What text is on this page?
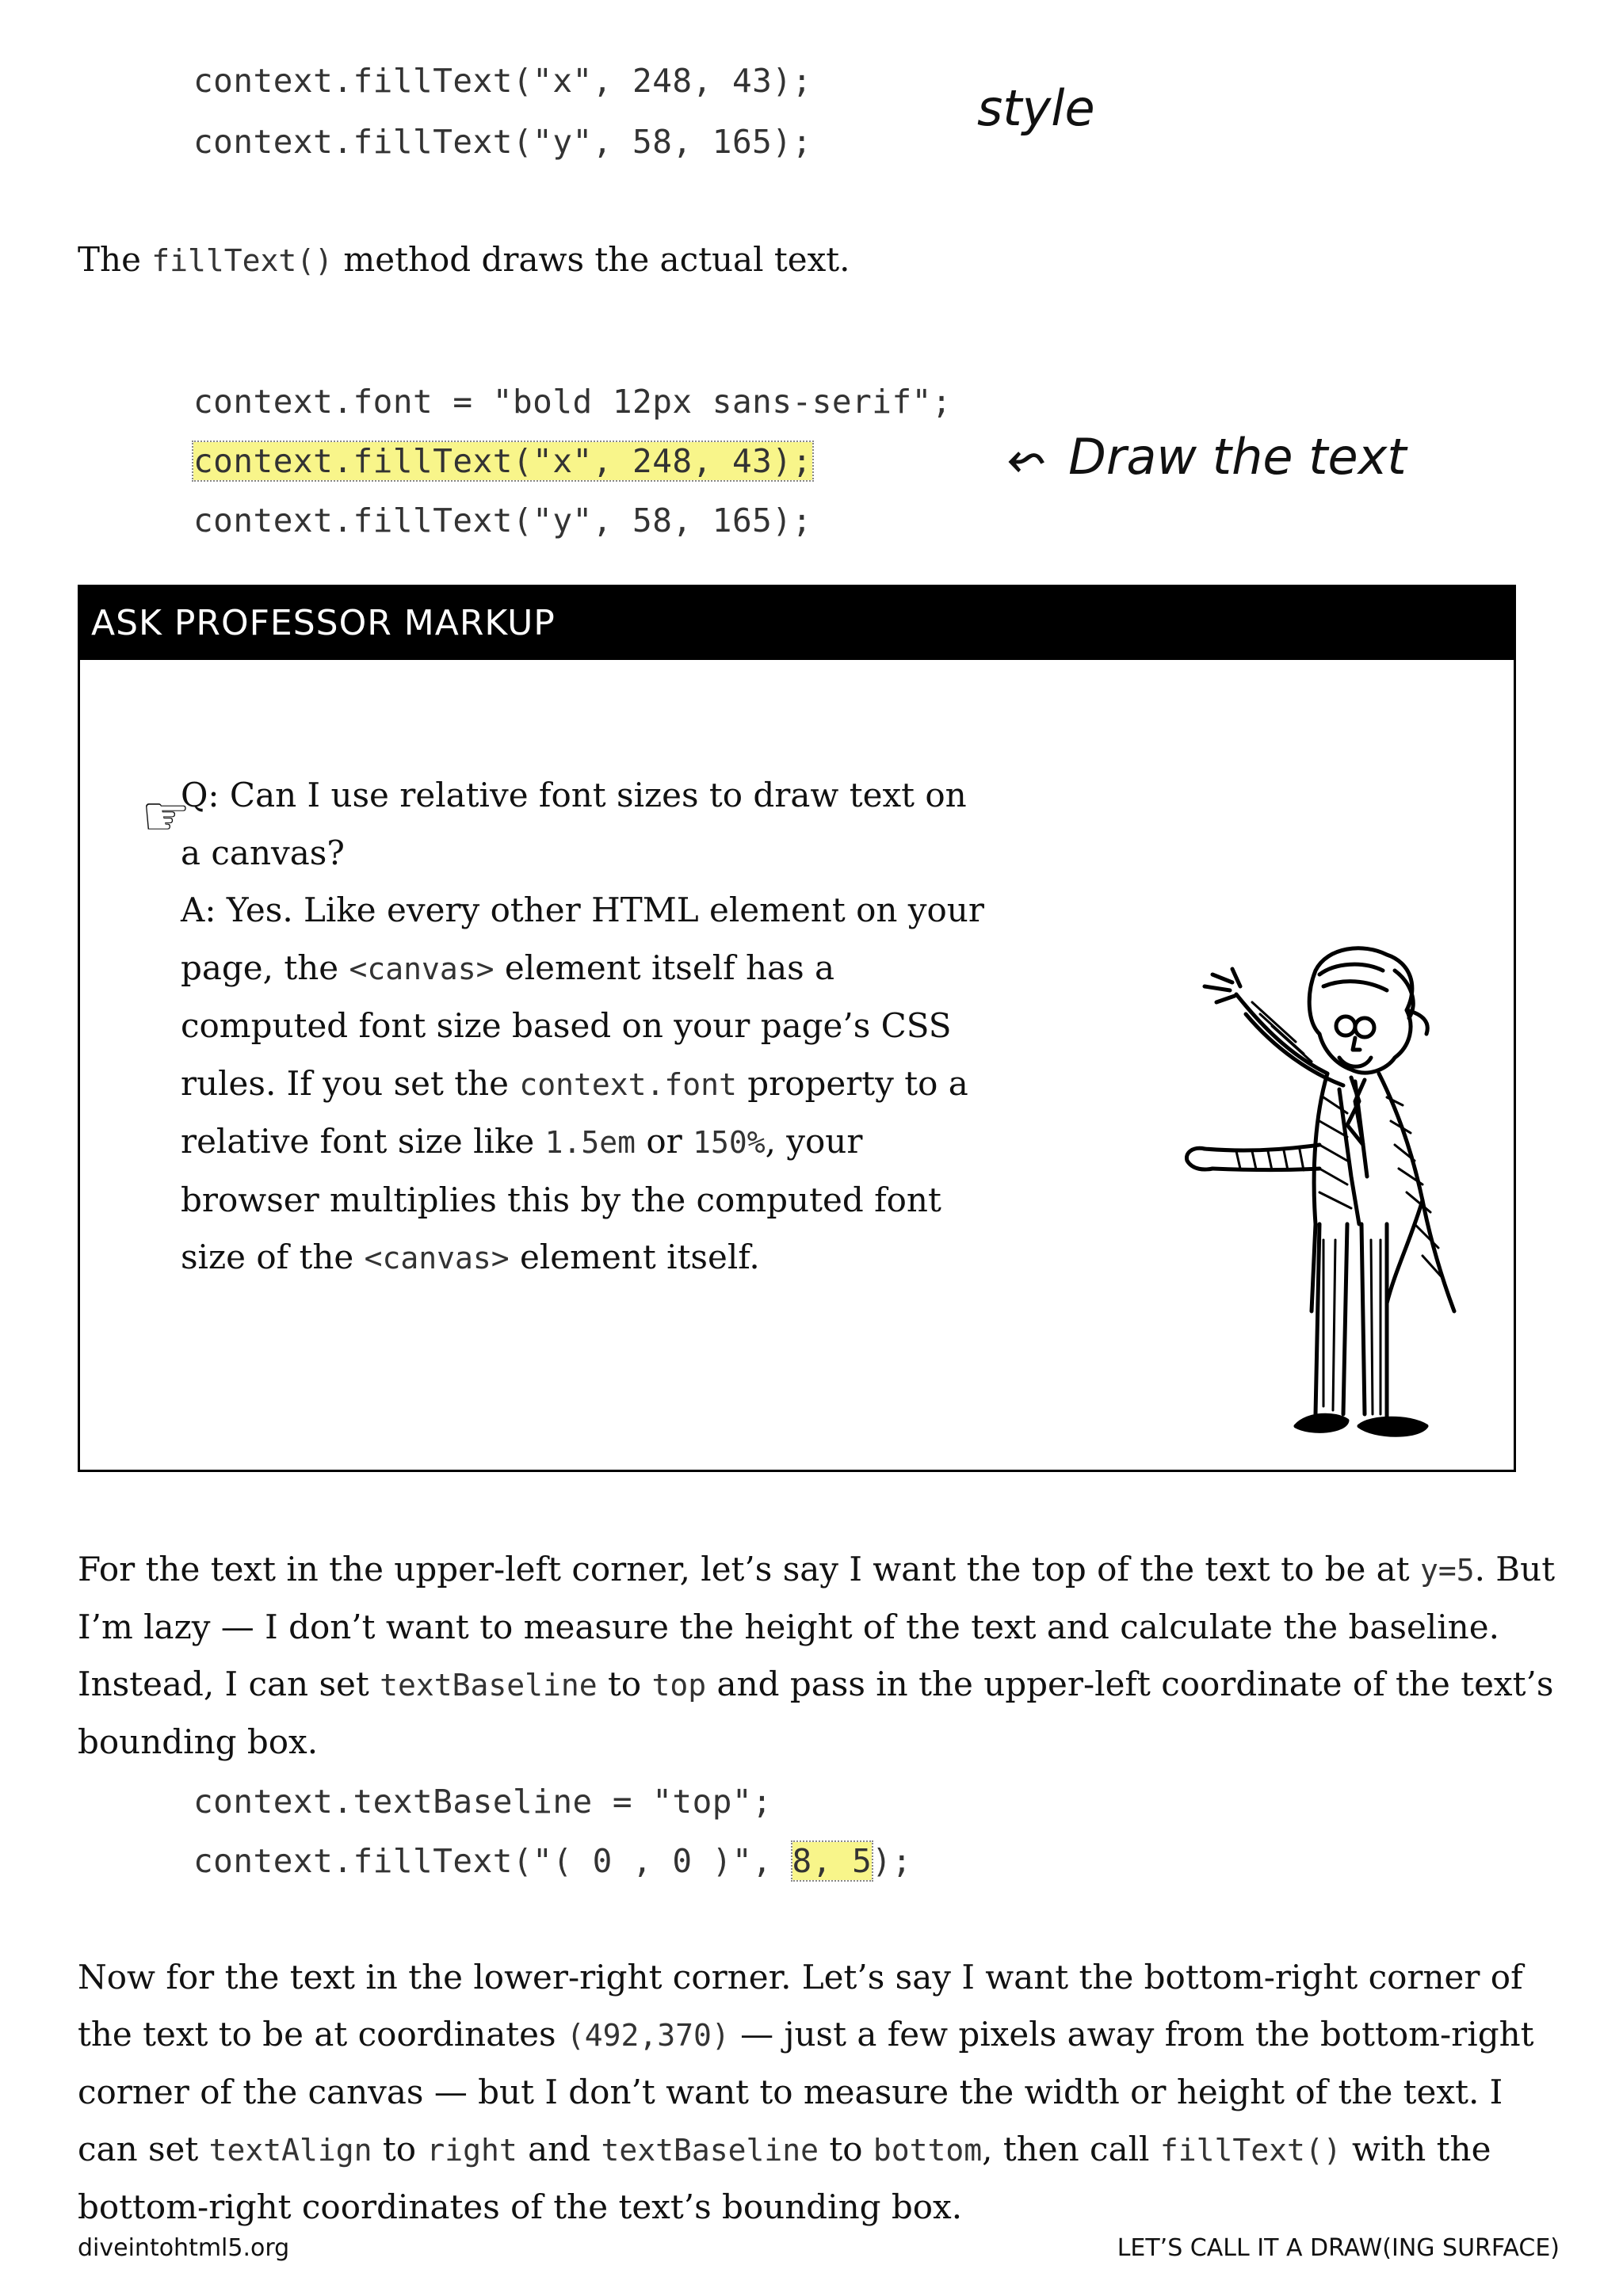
context.fillText("x", 248, 43);
context.fillText("y", 58, 165);
style
The fillText() method draws the actual text.
context.font = "bold 12px sans-serif";
context.fillText("x", 248, 43);
context.fillText("y", 58, 165);
⬿ Draw the text
ASK PROFESSOR MARKUP
☞
Q: Can I use relative font sizes to draw text on a canvas?
A: Yes. Like every other HTML element on your page, the <canvas> element itself has a computed font size based on your page’s CSS rules. If you set the context.font property to a relative font size like 1.5em or 150%, your browser multiplies this by the computed font size of the <canvas> element itself.
For the text in the upper-left corner, let’s say I want the top of the text to be at y=5. But I’m lazy — I don’t want to measure the height of the text and calculate the baseline. Instead, I can set textBaseline to top and pass in the upper-left coordinate of the text’s bounding box.
context.textBaseline = "top";
context.fillText("( 0 , 0 )", 8, 5);
Now for the text in the lower-right corner. Let’s say I want the bottom-right corner of the text to be at coordinates (492,370) — just a few pixels away from the bottom-right corner of the canvas — but I don’t want to measure the width or height of the text. I can set textAlign to right and textBaseline to bottom, then call fillText() with the bottom-right coordinates of the text’s bounding box.
diveintohtml5.org	LET’S CALL IT A DRAW(ING SURFACE)
